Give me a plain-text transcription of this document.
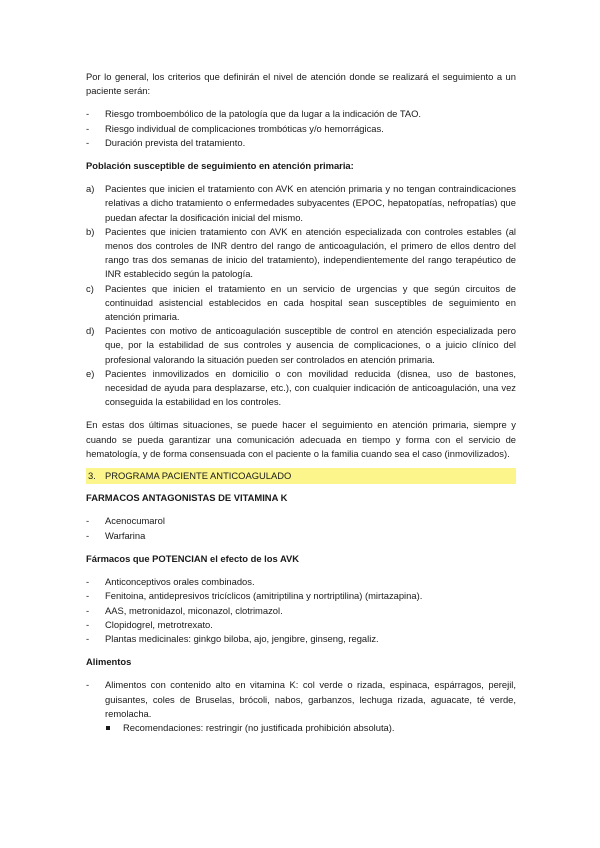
Por lo general, los criterios que definirán el nivel de atención donde se realizará el seguimiento a un paciente serán:

- Riesgo tromboembólico de la patología que da lugar a la indicación de TAO.
- Riesgo individual de complicaciones trombóticas y/o hemorrágicas.
- Duración prevista del tratamiento.

Población susceptible de seguimiento en atención primaria:

a) Pacientes que inicien el tratamiento con AVK en atención primaria y no tengan contraindicaciones relativas a dicho tratamiento o enfermedades subyacentes (EPOC, hepatopatías, nefropatías) que puedan afectar la dosificación inicial del mismo.
b) Pacientes que inicien tratamiento con AVK en atención especializada con controles estables (al menos dos controles de INR dentro del rango de anticoagulación, el primero de ellos dentro del rango tras dos semanas de inicio del tratamiento), independientemente del rango terapéutico de INR establecido según la patología.
c) Pacientes que inicien el tratamiento en un servicio de urgencias y que según circuitos de continuidad asistencial establecidos en cada hospital sean susceptibles de seguimiento en atención primaria.
d) Pacientes con motivo de anticoagulación susceptible de control en atención especializada pero que, por la estabilidad de sus controles y ausencia de complicaciones, o a juicio clínico del profesional valorando la situación pueden ser controlados en atención primaria.
e) Pacientes inmovilizados en domicilio o con movilidad reducida (disnea, uso de bastones, necesidad de ayuda para desplazarse, etc.), con cualquier indicación de anticoagulación, una vez conseguida la estabilidad en los controles.

En estas dos últimas situaciones, se puede hacer el seguimiento en atención primaria, siempre y cuando se pueda garantizar una comunicación adecuada en tiempo y forma con el servicio de hematología, y de forma consensuada con el paciente o la familia cuando sea el caso (inmovilizados).

3. PROGRAMA PACIENTE ANTICOAGULADO

FARMACOS ANTAGONISTAS DE VITAMINA K

- Acenocumarol
- Warfarina

Fármacos que POTENCIAN el efecto de los AVK

- Anticonceptivos orales combinados.
- Fenitoina, antidepresivos tricíclicos (amitriptilina y nortriptilina) (mirtazapina).
- AAS, metronidazol, miconazol, clotrimazol.
- Clopidogrel, metrotrexato.
- Plantas medicinales: ginkgo biloba, ajo, jengibre, ginseng, regaliz.

Alimentos

- Alimentos con contenido alto en vitamina K: col verde o rizada, espinaca, espárragos, perejil, guisantes, coles de Bruselas, brócoli, nabos, garbanzos, lechuga rizada, aguacate, té verde, remolacha.
Recomendaciones: restringir (no justificada prohibición absoluta).
